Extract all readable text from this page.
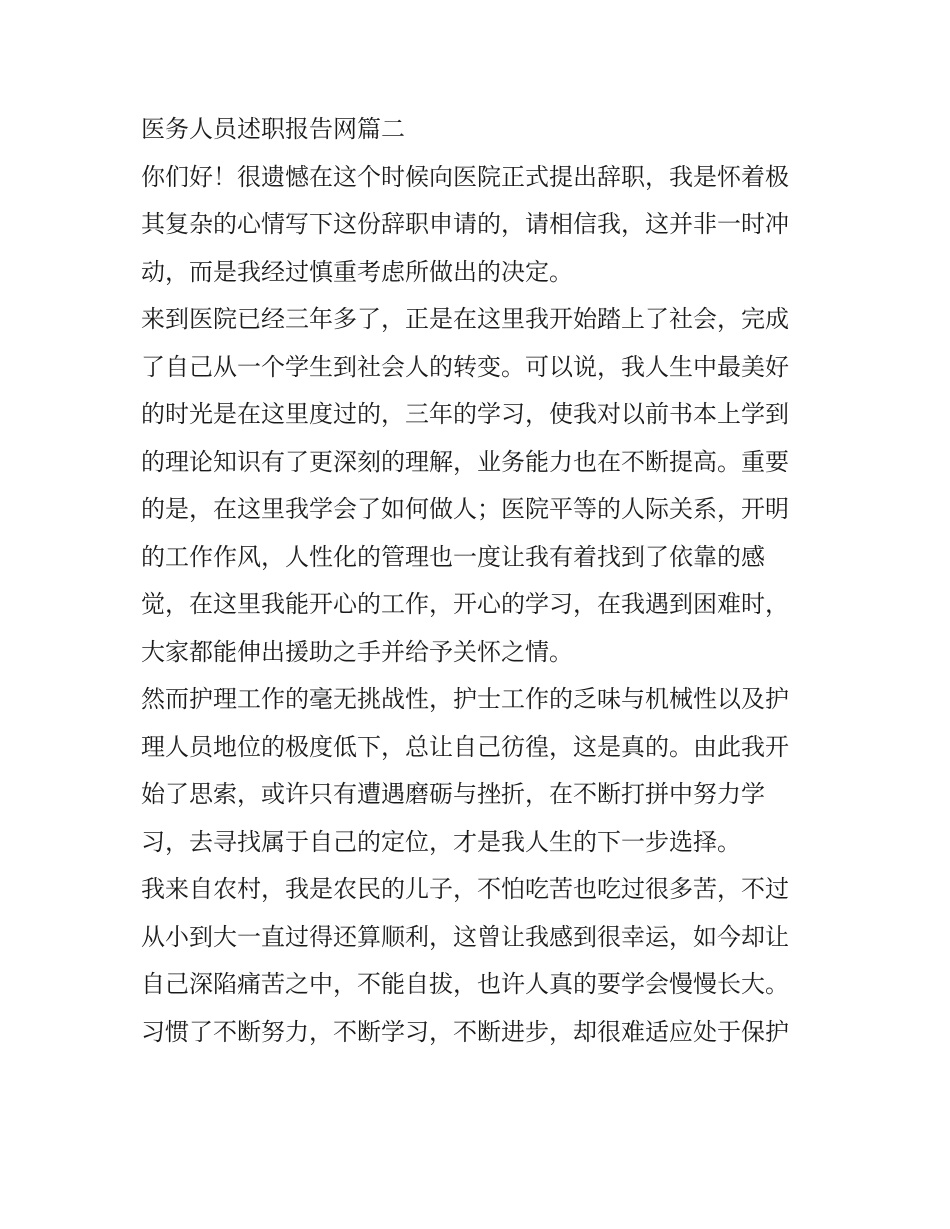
医务人员述职报告网篇二

你们好！很遗憾在这个时候向医院正式提出辞职，我是怀着极
其复杂的心情写下这份辞职申请的，请相信我，这并非一时冲
动，而是我经过慎重考虑所做出的决定。

来到医院已经三年多了，正是在这里我开始踏上了社会，完成
了自己从一个学生到社会人的转变。可以说，我人生中最美好
的时光是在这里度过的，三年的学习，使我对以前书本上学到
的理论知识有了更深刻的理解，业务能力也在不断提高。重要
的是，在这里我学会了如何做人；医院平等的人际关系，开明
的工作作风，人性化的管理也一度让我有着找到了依靠的感
觉，在这里我能开心的工作，开心的学习，在我遇到困难时，
大家都能伸出援助之手并给予关怀之情。

然而护理工作的毫无挑战性，护士工作的乏味与机械性以及护
理人员地位的极度低下，总让自己彷徨，这是真的。由此我开
始了思索，或许只有遭遇磨砺与挫折，在不断打拼中努力学
习，去寻找属于自己的定位，才是我人生的下一步选择。

我来自农村，我是农民的儿子，不怕吃苦也吃过很多苦，不过
从小到大一直过得还算顺利，这曾让我感到很幸运，如今却让
自己深陷痛苦之中，不能自拔，也许人真的要学会慢慢长大。
习惯了不断努力，不断学习，不断进步，却很难适应处于保护
